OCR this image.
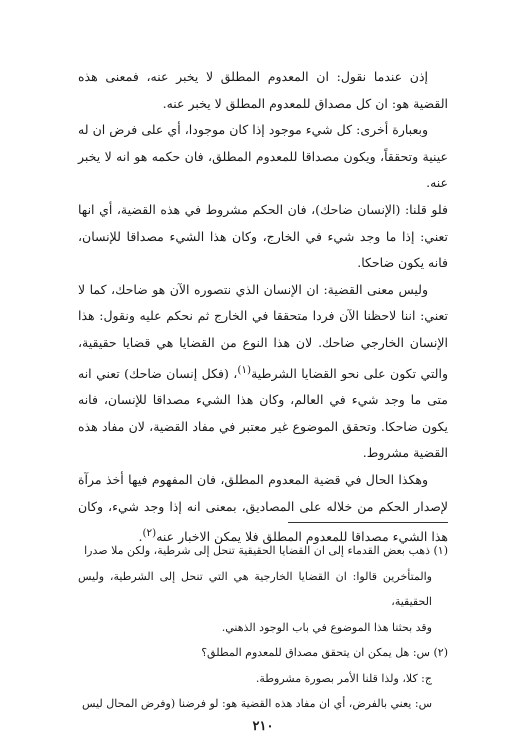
إذن عندما نقول: ان المعدوم المطلق لا يخبر عنه، فمعنى هذه القضية هو: ان كل مصداق للمعدوم المطلق لا يخبر عنه.

وبعبارة أخرى: كل شيء موجود إذا كان موجودا، أي على فرض ان له عينية وتحققاً، ويكون مصداقا للمعدوم المطلق، فان حكمه هو انه لا يخبر عنه.

فلو قلنا: (الإنسان ضاحك)، فان الحكم مشروط في هذه القضية، أي انها تعني: إذا ما وجد شيء في الخارج، وكان هذا الشيء مصداقا للإنسان، فانه يكون ضاحكا.

وليس معنى القضية: ان الإنسان الذي نتصوره الآن هو ضاحك، كما لا تعني: اننا لاحظنا الآن فردا متحققا في الخارج ثم نحكم عليه ونقول: هذا الإنسان الخارجي ضاحك. لان هذا النوع من القضايا هي قضايا حقيقية، والتي تكون على نحو القضايا الشرطية$^{(١)}$، (فكل إنسان ضاحك) تعني انه متى ما وجد شيء في العالم، وكان هذا الشيء مصداقا للإنسان، فانه يكون ضاحكا. وتحقق الموضوع غير معتبر في مفاد القضية، لان مفاد هذه القضية مشروط.

وهكذا الحال في قضية المعدوم المطلق، فان المفهوم فيها أخذ مرآة لإصدار الحكم من خلاله على المصاديق، بمعنى انه إذا وجد شيء، وكان هذا الشيء مصداقا للمعدوم المطلق فلا يمكن الاخبار عنه$^{(٢)}$.

(١) ذهب بعض القدماء إلى ان القضايا الحقيقية تنحل إلى شرطية، ولكن ملا صدرا

والمتأخرين قالوا: ان القضايا الخارجية هي التي تنحل إلى الشرطية، وليس الحقيقية،

وقد بحثنا هذا الموضوع في باب الوجود الذهني.

(٢) س: هل يمكن ان يتحقق مصداق للمعدوم المطلق؟

ج: كلا، ولذا قلنا الأمر بصورة مشروطة.

س: يعني بالفرض، أي ان مفاد هذه القضية هو: لو فرضنا (وفرض المحال ليس

٢١٠
